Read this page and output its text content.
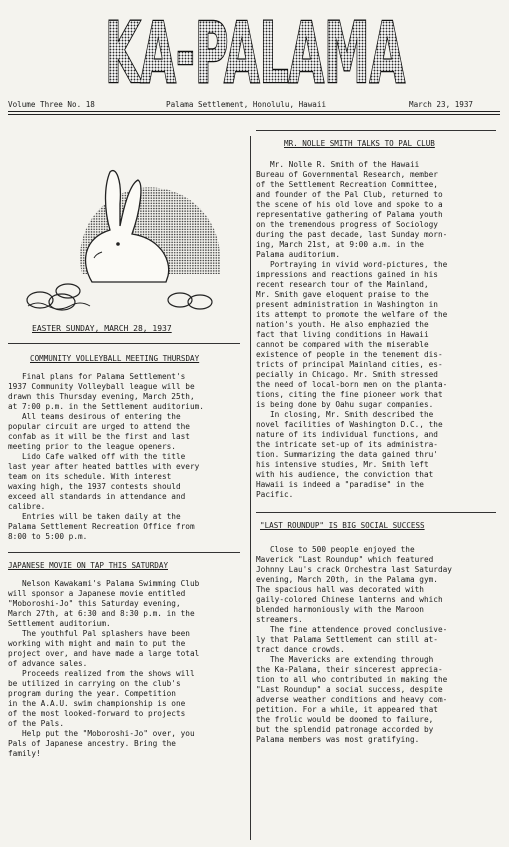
KA-PALAMA
Volume Three No. 18	Palama Settlement, Honolulu, Hawaii	March 23, 1937
EASTER SUNDAY, MARCH 28, 1937
COMMUNITY VOLLEYBALL MEETING THURSDAY

Final plans for Palama Settlement's

1937 Community Volleyball league will be

drawn this Thursday evening, March 25th,

at 7:00 p.m. in the Settlement auditorium.

All teams desirous of entering the

popular circuit are urged to attend the

confab as it will be the first and last

meeting prior to the league openers.

Lido Cafe walked off with the title

last year after heated battles with every

team on its schedule. With interest

waxing high, the 1937 contests should

exceed all standards in attendance and

calibre.

Entries will be taken daily at the

Palama Settlement Recreation Office from

8:00 to 5:00 p.m.

JAPANESE MOVIE ON TAP THIS SATURDAY

Nelson Kawakami's Palama Swimming Club

will sponsor a Japanese movie entitled

"Moboroshi-Jo" this Saturday evening,

March 27th, at 6:30 and 8:30 p.m. in the

Settlement auditorium.

The youthful Pal splashers have been

working with might and main to put the

project over, and have made a large total

of advance sales.

Proceeds realized from the shows will

be utilized in carrying on the club's

program during the year. Competition

in the A.A.U. swim championship is one

of the most looked-forward to projects

of the Pals.

Help put the "Moboroshi-Jo" over, you

Pals of Japanese ancestry. Bring the

family!

MR. NOLLE SMITH TALKS TO PAL CLUB

Mr. Nolle R. Smith of the Hawaii

Bureau of Governmental Research, member

of the Settlement Recreation Committee,

and founder of the Pal Club, returned to

the scene of his old love and spoke to a

representative gathering of Palama youth

on the tremendous progress of Sociology

during the past decade, last Sunday morn-

ing, March 21st, at 9:00 a.m. in the

Palama auditorium.

Portraying in vivid word-pictures, the

impressions and reactions gained in his

recent research tour of the Mainland,

Mr. Smith gave eloquent praise to the

present administration in Washington in

its attempt to promote the welfare of the

nation's youth. He also emphazied the

fact that living conditions in Hawaii

cannot be compared with the miserable

existence of people in the tenement dis-

tricts of principal Mainland cities, es-

pecially in Chicago. Mr. Smith stressed

the need of local-born men on the planta-

tions, citing the fine pioneer work that

is being done by Oahu sugar companies.

In closing, Mr. Smith described the

novel facilities of Washington D.C., the

nature of its individual functions, and

the intricate set-up of its administra-

tion. Summarizing the data gained thru'

his intensive studies, Mr. Smith left

with his audience, the conviction that

Hawaii is indeed a "paradise" in the

Pacific.

"LAST ROUNDUP" IS BIG SOCIAL SUCCESS

Close to 500 people enjoyed the

Maverick "Last Roundup" which featured

Johnny Lau's crack Orchestra last Saturday

evening, March 20th, in the Palama gym.

The spacious hall was decorated with

gaily-colored Chinese lanterns and which

blended harmoniously with the Maroon

streamers.

The fine attendence proved conclusive-

ly that Palama Settlement can still at-

tract dance crowds.

The Mavericks are extending through

the Ka-Palama, their sincerest apprecia-

tion to all who contributed in making the

"Last Roundup" a social success, despite

adverse weather conditions and heavy com-

petition. For a while, it appeared that

the frolic would be doomed to failure,

but the splendid patronage accorded by

Palama members was most gratifying.
